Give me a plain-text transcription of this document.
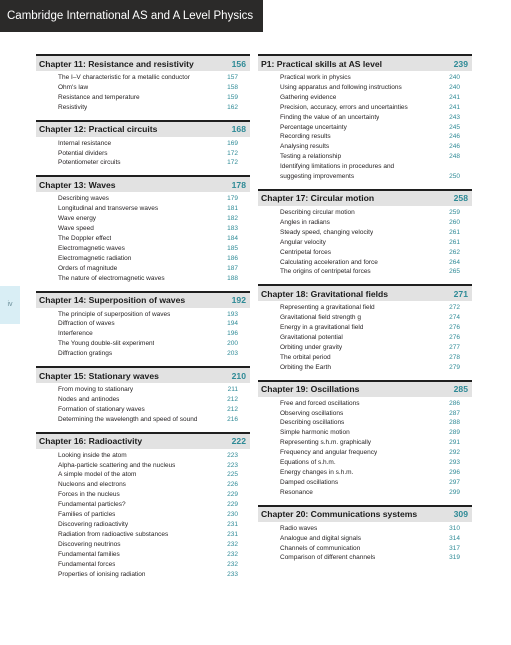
Cambridge International AS and A Level Physics
iv
Chapter 11: Resistance and resistivity	156
The I–V characteristic for a metallic conductor	157
Ohm's law	158
Resistance and temperature	159
Resistivity	162
Chapter 12: Practical circuits	168
Internal resistance	169
Potential dividers	172
Potentiometer circuits	172
Chapter 13: Waves	178
Describing waves	179
Longitudinal and transverse waves	181
Wave energy	182
Wave speed	183
The Doppler effect	184
Electromagnetic waves	185
Electromagnetic radiation	186
Orders of magnitude	187
The nature of electromagnetic waves	188
Chapter 14: Superposition of waves	192
The principle of superposition of waves	193
Diffraction of waves	194
Interference	196
The Young double-slit experiment	200
Diffraction gratings	203
Chapter 15: Stationary waves	210
From moving to stationary	211
Nodes and antinodes	212
Formation of stationary waves	212
Determining the wavelength and speed of sound	216
Chapter 16: Radioactivity	222
Looking inside the atom	223
Alpha-particle scattering and the nucleus	223
A simple model of the atom	225
Nucleons and electrons	226
Forces in the nucleus	229
Fundamental particles?	229
Families of particles	230
Discovering radioactivity	231
Radiation from radioactive substances	231
Discovering neutrinos	232
Fundamental families	232
Fundamental forces	232
Properties of ionising radiation	233
P1: Practical skills at AS level	239
Practical work in physics	240
Using apparatus and following instructions	240
Gathering evidence	241
Precision, accuracy, errors and uncertainties	241
Finding the value of an uncertainty	243
Percentage uncertainty	245
Recording results	246
Analysing results	246
Testing a relationship	248
Identifying limitations in procedures and suggesting improvements	250
Chapter 17: Circular motion	258
Describing circular motion	259
Angles in radians	260
Steady speed, changing velocity	261
Angular velocity	261
Centripetal forces	262
Calculating acceleration and force	264
The origins of centripetal forces	265
Chapter 18: Gravitational fields	271
Representing a gravitational field	272
Gravitational field strength g	274
Energy in a gravitational field	276
Gravitational potential	276
Orbiting under gravity	277
The orbital period	278
Orbiting the Earth	279
Chapter 19: Oscillations	285
Free and forced oscillations	286
Observing oscillations	287
Describing oscillations	288
Simple harmonic motion	289
Representing s.h.m. graphically	291
Frequency and angular frequency	292
Equations of s.h.m.	293
Energy changes in s.h.m.	296
Damped oscillations	297
Resonance	299
Chapter 20: Communications systems	309
Radio waves	310
Analogue and digital signals	314
Channels of communication	317
Comparison of different channels	319
